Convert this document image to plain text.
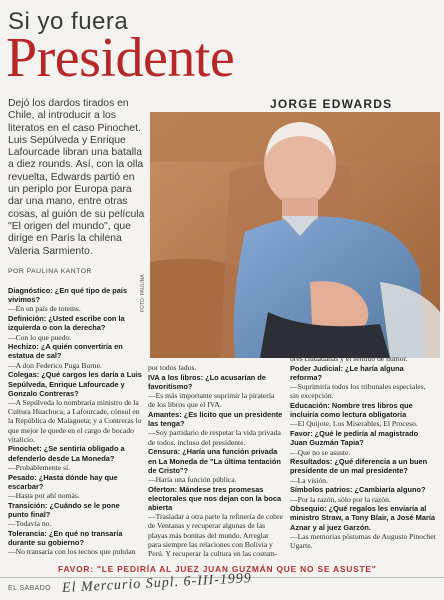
Si yo fuera
Presidente
Dejó los dardos tirados en Chile, al introducir a los literatos en el caso Pinochet. Luis Sepúlveda y Enrique Lafourcade libran una batalla a diez rounds. Así, con la olla revuelta, Edwards partió en un periplo por Europa para dar una mano, entre otras cosas, al guión de su película "El origen del mundo", que dirige en París la chilena Valeria Sarmiento.
JORGE EDWARDS
POR PAULINA KANTOR
FOTO: PAULINA
Diagnóstico: ¿En qué tipo de país vivimos?
—En un país de totems.
Definición: ¿Usted escribe con la izquierda o con la derecha?
—Con lo que puedo.
Hechizo: ¿A quién convertiría en estatua de sal?
—A don Federico Puga Borne.
Colegas: ¿Qué cargos les daría a Luis Sepúlveda, Enrique Lafourcade y Gonzalo Contreras?
—A Sepúlveda lo nombraría ministro de la Cultura Huachuca; a Lafourcade, cónsul en la República de Malagueta; y a Contreras lo que mejor le quede en el cargo de bocado vitalicio.
Pinochet: ¿Se sentiría obligado a defenderlo desde La Moneda?
—Probablemente sí.
Pesado: ¿Hasta dónde hay que escarbar?
—Hasta por ahí nomás.
Transición: ¿Cuándo se le pone punto final?
—Todavía no.
Tolerancia: ¿En qué no transaría durante su gobierno?
—No transaría con los tecnos que pululan
por todos lados.
IVA a los libros: ¿Lo acusarían de favoritismo?
—Es más importante suprimir la piratería de los libros que el IVA.
Amantes: ¿Es lícito que un presidente las tenga?
—Soy partidario de respetar la vida privada de todos, incluso del presidente.
Censura: ¿Haría una función privada en La Moneda de "La última tentación de Cristo"?
—Haría una función pública.
Oferton: Mándese tres promesas electorales que nos dejan con la boca abierta
—Trasladar a otra parte la refinería de cobre de Ventanas y recuperar algunas de las playas más bonitas del mundo. Arreglar para siempre las relaciones con Bolivia y Perú. Y recuperar la cultura en las costum-
bres ciudadanas y el sentido de humor.
Poder Judicial: ¿Le haría alguna reforma?
—Suprimiría todos los tribunales especiales, sin excepción.
Educación: Nombre tres libros que incluiría como lectura obligatoria
—El Quijote, Los Miserables, El Proceso.
Favor: ¿Qué le pediría al magistrado Juan Guzmán Tapia?
—Que no se asuste.
Resultados: ¿Qué diferencia a un buen presidente de un mal presidente?
—La visión.
Símbolos patrios: ¿Cambiaría alguno?
—Por la razón, sólo por la razón.
Obsequio: ¿Qué regalos les enviaría al ministro Straw, a Tony Blair, a José María Aznar y al juez Garzón.
—Las memorias póstumas de Augusto Pinochet Ugarte.
FAVOR: "LE PEDIRÍA AL JUEZ JUAN GUZMÁN QUE NO SE ASUSTE"
EL SABADO El Mercurio Supl. 6-III-1999
